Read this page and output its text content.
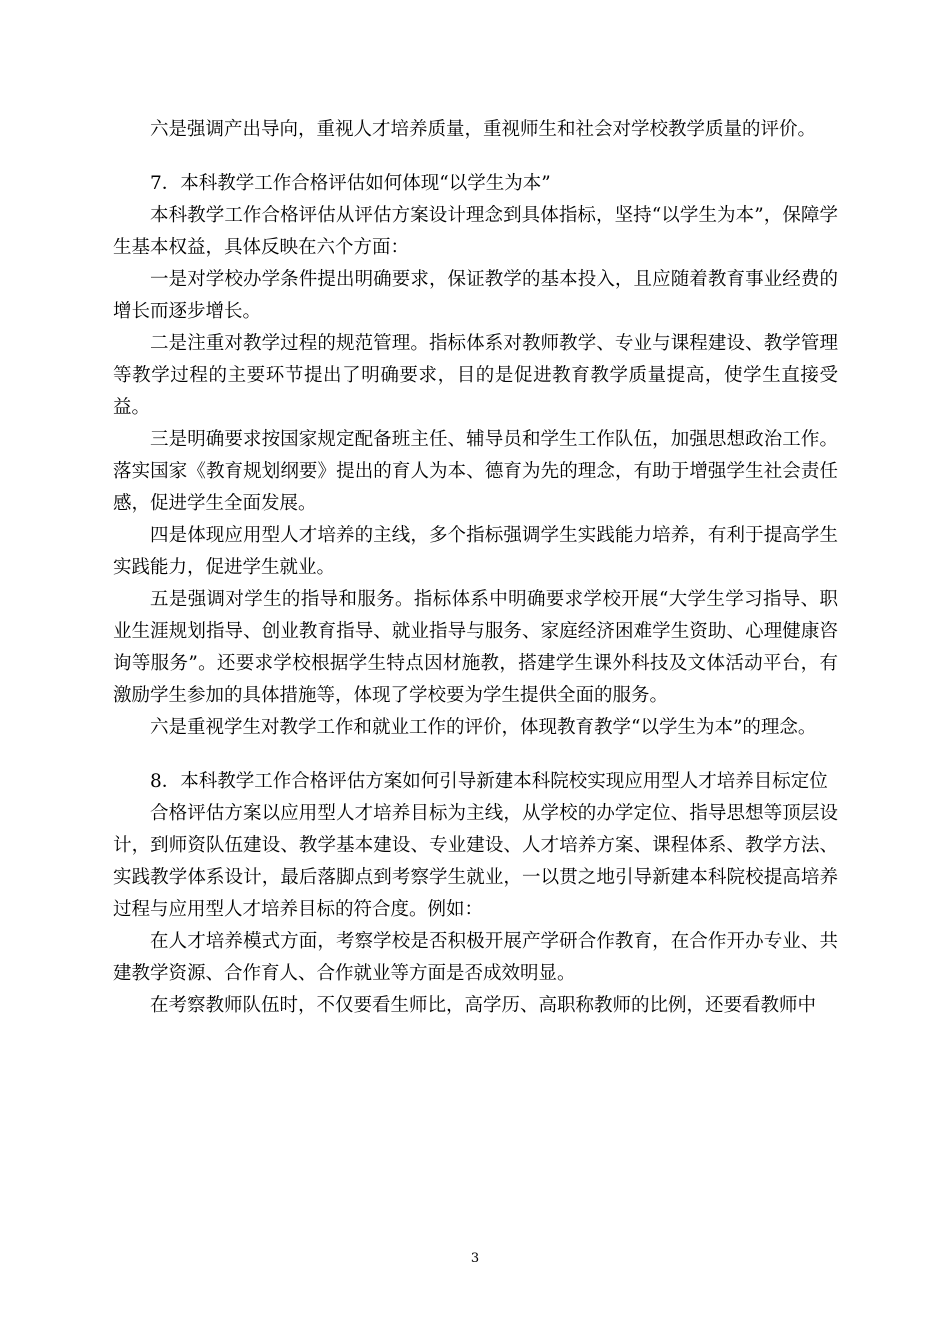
六是强调产出导向，重视人才培养质量，重视师生和社会对学校教学质量的评价。

7．本科教学工作合格评估如何体现“以学生为本”

本科教学工作合格评估从评估方案设计理念到具体指标，坚持“以学生为本”，保障学生基本权益，具体反映在六个方面：

一是对学校办学条件提出明确要求，保证教学的基本投入，且应随着教育事业经费的增长而逐步增长。

二是注重对教学过程的规范管理。指标体系对教师教学、专业与课程建设、教学管理等教学过程的主要环节提出了明确要求，目的是促进教育教学质量提高，使学生直接受益。

三是明确要求按国家规定配备班主任、辅导员和学生工作队伍，加强思想政治工作。落实国家《教育规划纲要》提出的育人为本、德育为先的理念，有助于增强学生社会责任感，促进学生全面发展。

四是体现应用型人才培养的主线，多个指标强调学生实践能力培养，有利于提高学生实践能力，促进学生就业。

五是强调对学生的指导和服务。指标体系中明确要求学校开展“大学生学习指导、职业生涯规划指导、创业教育指导、就业指导与服务、家庭经济困难学生资助、心理健康咨询等服务”。还要求学校根据学生特点因材施教，搭建学生课外科技及文体活动平台，有激励学生参加的具体措施等，体现了学校要为学生提供全面的服务。

六是重视学生对教学工作和就业工作的评价，体现教育教学“以学生为本”的理念。

8．本科教学工作合格评估方案如何引导新建本科院校实现应用型人才培养目标定位

合格评估方案以应用型人才培养目标为主线，从学校的办学定位、指导思想等顶层设计，到师资队伍建设、教学基本建设、专业建设、人才培养方案、课程体系、教学方法、实践教学体系设计，最后落脚点到考察学生就业，一以贯之地引导新建本科院校提高培养过程与应用型人才培养目标的符合度。例如：

在人才培养模式方面，考察学校是否积极开展产学研合作教育，在合作开办专业、共建教学资源、合作育人、合作就业等方面是否成效明显。

在考察教师队伍时，不仅要看生师比，高学历、高职称教师的比例，还要看教师中

3
